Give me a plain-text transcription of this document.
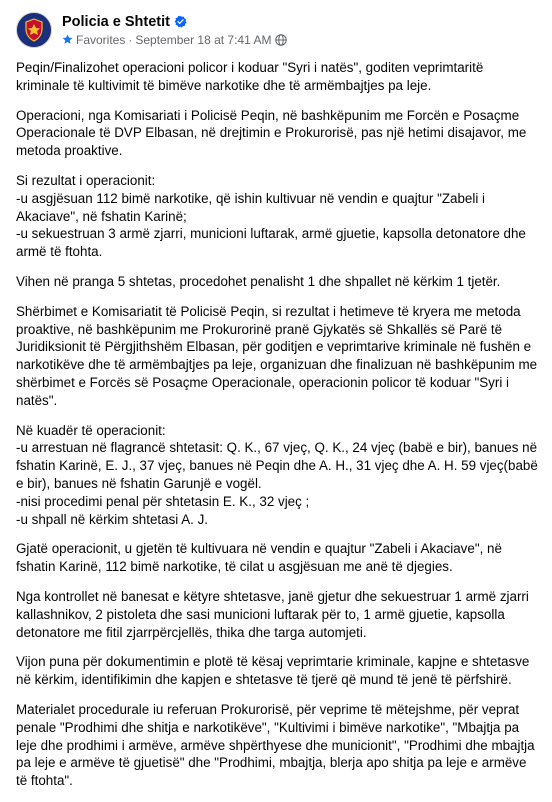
Policia e Shtetit
Favorites · September 18 at 7:41 AM

Peqin/Finalizohet operacioni policor i koduar "Syri i natës", goditen veprimtaritë kriminale të kultivimit të bimëve narkotike dhe të armëmbajtjes pa leje.

Operacioni, nga Komisariati i Policisë Peqin, në bashkëpunim me Forcën e Posaçme Operacionale të DVP Elbasan, në drejtimin e Prokurorisë, pas një hetimi disajavor, me metoda proaktive.

Si rezultat i operacionit:
-u asgjësuan 112 bimë narkotike, që ishin kultivuar në vendin e quajtur "Zabeli i Akaciave", në fshatin Karinë;
-u sekuestruan 3 armë zjarri, municioni luftarak, armë gjuetie, kapsolla detonatore dhe armë të ftohta.

Vihen në pranga 5 shtetas, procedohet penalisht 1 dhe shpallet në kërkim 1 tjetër.

Shërbimet e Komisariatit të Policisë Peqin, si rezultat i hetimeve të kryera me metoda proaktive, në bashkëpunim me Prokurorinë pranë Gjykatës së Shkallës së Parë të Juridiksionit të Përgjithshëm Elbasan, për goditjen e veprimtarive kriminale në fushën e narkotikëve dhe të armëmbajtjes pa leje, organizuan dhe finalizuan në bashkëpunim me shërbimet e Forcës së Posaçme Operacionale, operacionin policor të koduar "Syri i natës".

Në kuadër të operacionit:
-u arrestuan në flagrancë shtetasit: Q. K., 67 vjeç, Q. K., 24 vjeç (babë e bir), banues në fshatin Karinë, E. J., 37 vjeç, banues në Peqin dhe A. H., 31 vjeç dhe A. H. 59 vjeç(babë e bir), banues në fshatin Garunjë e vogël.
-nisi procedimi penal për shtetasin E. K., 32 vjeç ;
-u shpall në kërkim shtetasi A. J.

Gjatë operacionit, u gjetën të kultivuara në vendin e quajtur "Zabeli i Akaciave", në fshatin Karinë, 112 bimë narkotike, të cilat u asgjësuan me anë të djegies.

Nga kontrollet në banesat e këtyre shtetasve, janë gjetur dhe sekuestruar 1 armë zjarri kallashnikov, 2 pistoleta dhe sasi municioni luftarak për to, 1 armë gjuetie, kapsolla detonatore me fitil zjarrpërcjellës, thika dhe targa automjeti.

Vijon puna për dokumentimin e plotë të kësaj veprimtarie kriminale, kapjne e shtetasve në kërkim, identifikimin dhe kapjen e shtetasve të tjerë që mund të jenë të përfshirë.

Materialet procedurale iu referuan Prokurorisë, për veprime të mëtejshme, për veprat penale "Prodhimi dhe shitja e narkotikëve", "Kultivimi i bimëve narkotike", "Mbajtja pa leje dhe prodhimi i armëve, armëve shpërthyese dhe municionit", "Prodhimi dhe mbajtja pa leje e armëve të gjuetisë" dhe "Prodhimi, mbajtja, blerja apo shitja pa leje e armëve të ftohta".
